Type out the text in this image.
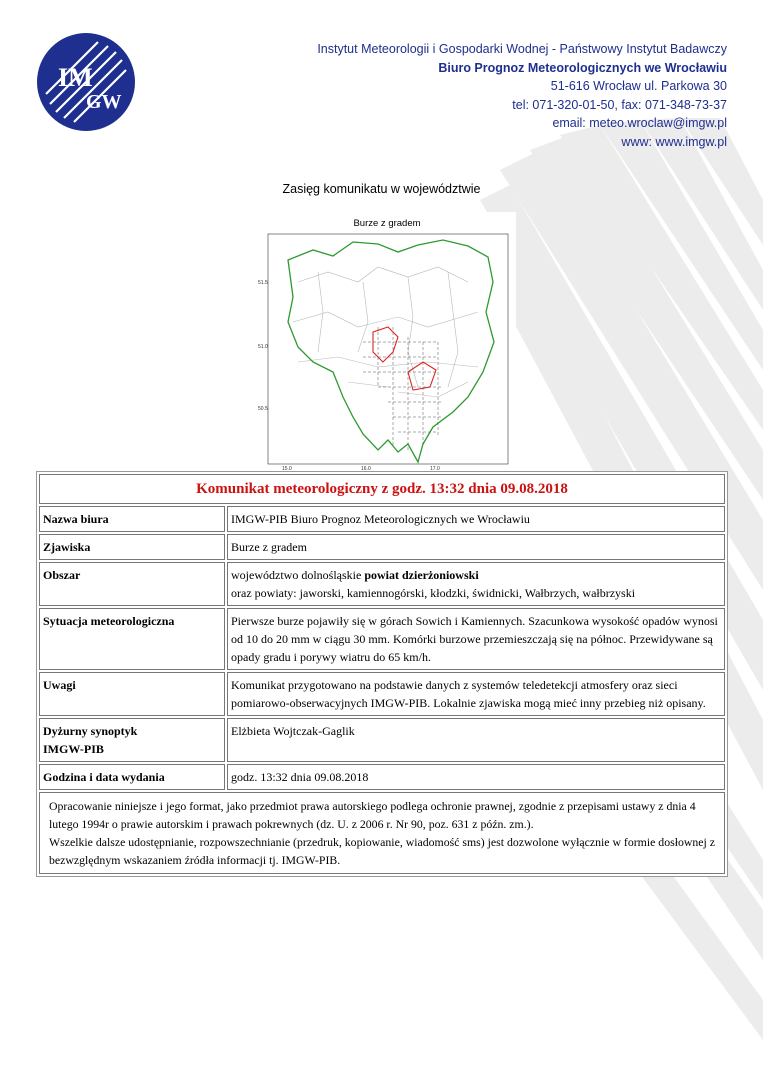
IM
GW
Instytut Meteorologii i Gospodarki Wodnej - Państwowy Instytut Badawczy
Biuro Prognoz Meteorologicznych we Wrocławiu
51-616 Wrocław ul. Parkowa 30
tel: 071-320-01-50, fax: 071-348-73-37
email: meteo.wroclaw@imgw.pl
www: www.imgw.pl
Zasięg komunikatu w województwie
Burze z gradem
51.5
51.0
50.5
15.0	16.0	17.0
Komunikat meteorologiczny z godz. 13:32 dnia 09.08.2018	
Nazwa biura	IMGW-PIB Biuro Prognoz Meteorologicznych we Wrocławiu
Zjawiska	Burze z gradem
Obszar	województwo dolnośląskie powiat dzierżoniowski
oraz powiaty: jaworski, kamiennogórski, kłodzki, świdnicki, Wałbrzych, wałbrzyski
Sytuacja meteorologiczna	Pierwsze burze pojawiły się w górach Sowich i Kamiennych. Szacunkowa wysokość opadów wynosi od 10 do 20 mm w ciągu 30 mm. Komórki burzowe przemieszczają się na północ. Przewidywane są opady gradu i porywy wiatru do 65 km/h.
Uwagi	Komunikat przygotowano na podstawie danych z systemów teledetekcji atmosfery oraz sieci pomiarowo-obserwacyjnych IMGW-PIB. Lokalnie zjawiska mogą mieć inny przebieg niż opisany.
Dyżurny synoptyk
IMGW-PIB	Elżbieta Wojtczak-Gaglik
Godzina i data wydania	godz. 13:32 dnia 09.08.2018

Opracowanie niniejsze i jego format, jako przedmiot prawa autorskiego podlega ochronie prawnej, zgodnie z przepisami ustawy z dnia 4 lutego 1994r o prawie autorskim i prawach pokrewnych (dz. U. z 2006 r. Nr 90, poz. 631 z późn. zm.).
Wszelkie dalsze udostępnianie, rozpowszechnianie (przedruk, kopiowanie, wiadomość sms) jest dozwolone wyłącznie w formie dosłownej z bezwzględnym wskazaniem źródła informacji tj. IMGW-PIB.	
